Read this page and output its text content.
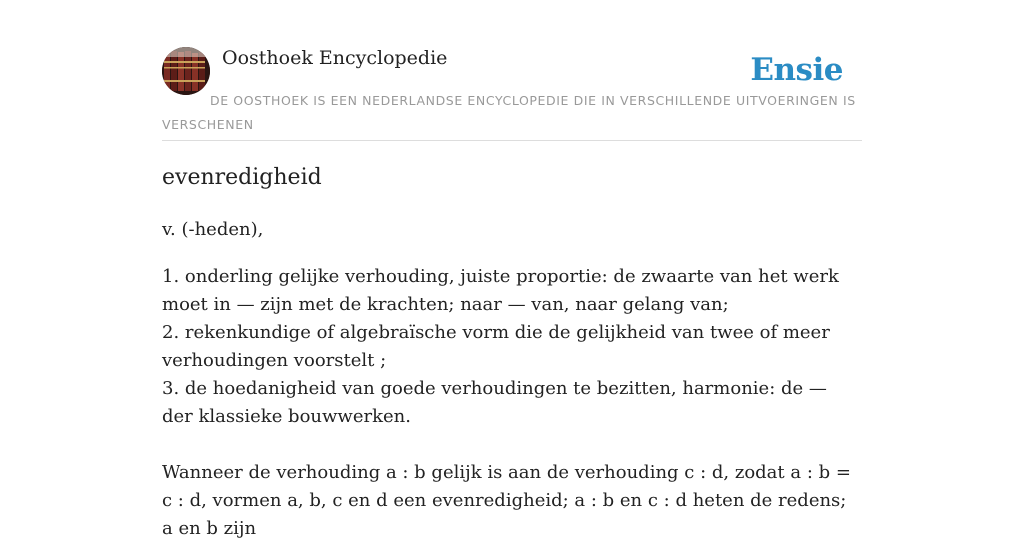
Oosthoek Encyclopedie	Ensie
DE OOSTHOEK IS EEN NEDERLANDSE ENCYCLOPEDIE DIE IN VERSCHILLENDE UITVOERINGEN IS VERSCHENEN
evenredigheid
v. (-heden),

1. onderling gelijke verhouding, juiste proportie: de zwaarte van het werk moet in — zijn met de krachten; naar — van, naar gelang van;

2. rekenkundige of algebraïsche vorm die de gelijkheid van twee of meer verhoudingen voorstelt ;

3. de hoedanigheid van goede verhoudingen te bezitten, harmonie: de — der klassieke bouwwerken.

Wanneer de verhouding a : b gelijk is aan de verhouding c : d, zodat a : b = c : d, vormen a, b, c en d een evenredigheid; a : b en c : d heten de redens; a en b zijn
